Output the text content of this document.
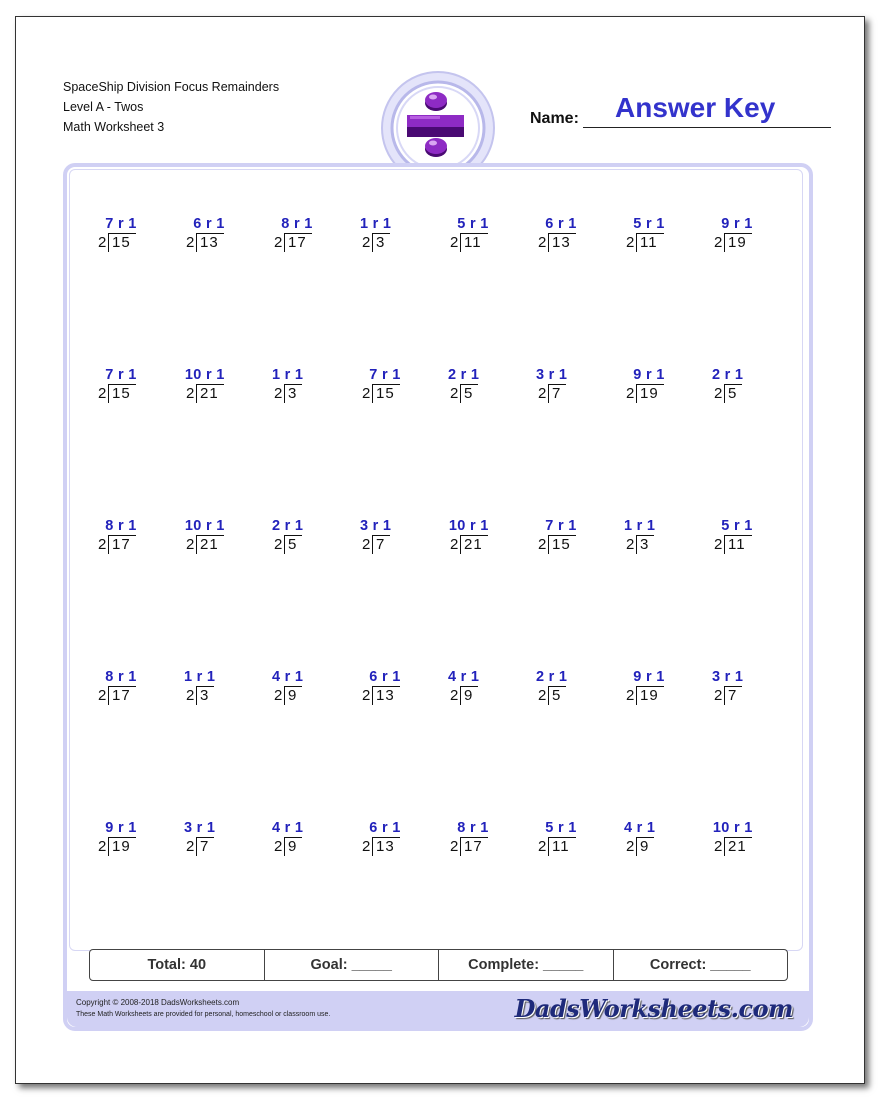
SpaceShip Division Focus Remainders
Level A - Twos
Math Worksheet 3	Name: Answer Key
7 r 1
2 15
6 r 1
2 13
8 r 1
2 17
1 r 1
2 3
5 r 1
2 11
6 r 1
2 13
5 r 1
2 11
9 r 1
2 19
7 r 1
2 15
10 r 1
2 21
1 r 1
2 3
7 r 1
2 15
2 r 1
2 5
3 r 1
2 7
9 r 1
2 19
2 r 1
2 5
8 r 1
2 17
10 r 1
2 21
2 r 1
2 5
3 r 1
2 7
10 r 1
2 21
7 r 1
2 15
1 r 1
2 3
5 r 1
2 11
8 r 1
2 17
1 r 1
2 3
4 r 1
2 9
6 r 1
2 13
4 r 1
2 9
2 r 1
2 5
9 r 1
2 19
3 r 1
2 7
9 r 1
2 19
3 r 1
2 7
4 r 1
2 9
6 r 1
2 13
8 r 1
2 17
5 r 1
2 11
4 r 1
2 9
10 r 1
2 21
Total: 40	Goal: _____	Complete: _____	Correct: _____
Copyright © 2008-2018 DadsWorksheets.com
These Math Worksheets are provided for personal, homeschool or classroom use.	DadsWorksheets.com
